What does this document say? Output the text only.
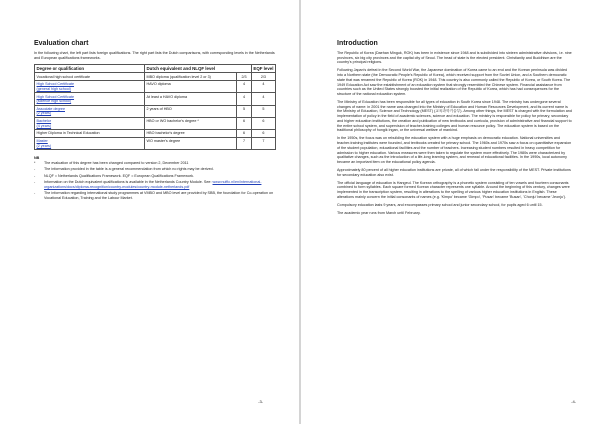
Evaluation chart

In the following chart, the left part lists foreign qualifications. The right part lists the Dutch comparisons, with corresponding levels in the Netherlands and European qualifications frameworks.

Degree or qualification	Dutch equivalent and NLQF level		EQF level
Vocational high school certificate	MBO diploma (qualification level 2 or 3)	2/3	2/3
High School Certificate
(general high school)	HAVO diploma	4	4
High School Certificate
(science high school)	At least a HAVO diploma	4	4
Associate degree
(2 years)	2 years of HBO	5	5
Bachelor
(4 years)	HBO or WO bachelor's degree *	6	6
Higher Diploma in Technical Education	HBO bachelor's degree	6	6
Master
(2 years)	WO master's degree	7	7
NB
*	The evaluation of this degree has been changed compared to version 2, December 2011
-	The information provided in the table is a general recommendation from which no rights may be derived.
-	NLQF = Netherlands Qualifications Framework. EQF = European Qualifications Framework.
-	Information on the Dutch equivalent qualifications is available in the Netherlands Country Module. See: www.nuffic.nl/en/international-organizations/docs/diploma-recognition/country-modules/country-module-netherlands.pdf
-	The information regarding international study programmes at VMBO and MBO level are provided by SBB, the foundation for Co-operation on Vocational Education, Training and the Labour Market.
-3-
Introduction

The Republic of Korea (Daehan Minguk, ROK) has been in existence since 1948 and is subdivided into sixteen administrative divisions, i.e. nine provinces, six big city provinces and the capital city of Seoul. The head of state is the elected president. Christianity and Buddhism are the country's principal religions.

Following Japan's defeat in the Second World War, the Japanese domination of Korea came to an end and the Korean peninsula was divided into a Northern state (the Democratic People's Republic of Korea), which received support from the Soviet Union, and a Southern democratic state that was renamed the Republic of Korea (ROK) in 1948. This country is also commonly called the Republic of Korea, or South Korea. The 1949 Education Act saw the establishment of an education system that strongly resembled the Chinese system. Financial assistance from countries such as the United States strongly boosted the initial realization of the Republic of Korea, which has had consequences for the structure of the national education system.

The Ministry of Education has been responsible for all types of education in South Korea since 1948. The ministry has undergone several changes of name: in 2001 the name was changed into the Ministry of Education and Human Resources Development, and its current name is the Ministry of Education, Science and Technology (MEST) (교육과학기술부). Among other things, the MEST is charged with the formulation and implementation of policy in the field of academic sciences, science and education. The ministry is responsible for policy for primary, secondary and higher education institutions, the creation and publication of new textbooks and curricula, provision of administrative and financial support to the entire school system, and supervision of teacher-training colleges and human resource policy. The education system is based on the traditional philosophy of hongik ingan, or the universal welfare of mankind.

In the 1950s, the focus was on rebuilding the education system with a huge emphasis on democratic education. National universities and teacher-training institutes were founded, and textbooks created for primary school. The 1960s and 1970s saw a focus on quantitative expansion of the student population, educational facilities and the number of teachers. Increasing student numbers resulted in heavy competition for admission to higher education. Various measures were then taken to regulate the system more effectively. The 1980s were characterized by qualitative changes, such as the introduction of a life-long learning system, and renewal of educational facilities. In the 1990s, local autonomy became an important item on the educational policy agenda.

Approximately 80 percent of all higher education institutions are private, all of which fall under the responsibility of the MEST. Private institutions for secondary education also exist.

The official language of education is Hangeul. The Korean orthography is a phonetic system consisting of ten vowels and fourteen consonants combined to form syllables. Each square formed Korean character represents one syllable. Around the beginning of this century, changes were implemented in the transcription system, resulting in alterations to the spelling of various higher education institutions in English. These alterations mainly concern the initial consonants of names (e.g. 'Kimpo' became 'Gimpo', 'Pusan' became 'Busan', 'Chonju' became 'Jeonju').

Compulsory education lasts 9 years, and encompasses primary school and junior secondary school, for pupils aged 6 until 15.

The academic year runs from March until February.

-4-
